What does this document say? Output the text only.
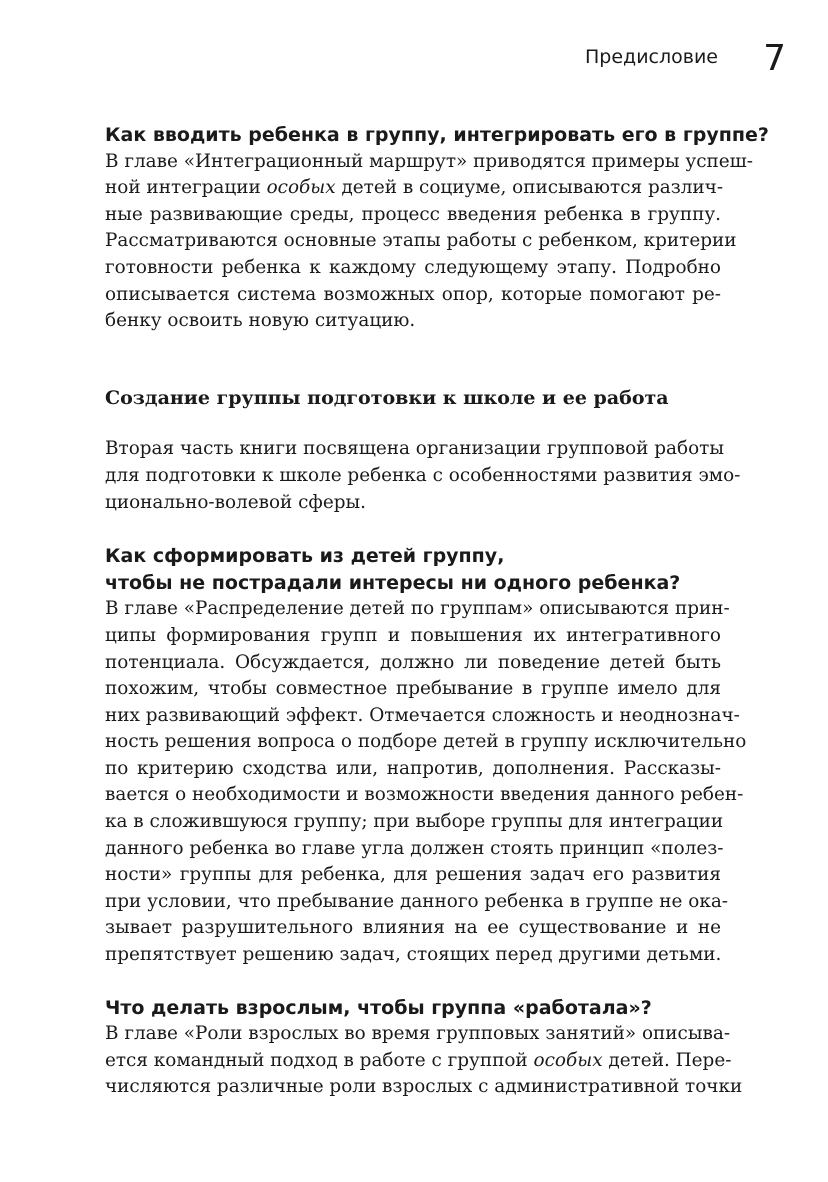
Предисловие 7
Как вводить ребенка в группу, интегрировать его в группе?
В главе «Интеграционный маршрут» приводятся примеры успеш-
ной интеграции особых детей в социуме, описываются различ-
ные развивающие среды, процесс введения ребенка в группу.
Рассматриваются основные этапы работы с ребенком, критерии
готовности ребенка к каждому следующему этапу. Подробно
описывается система возможных опор, которые помогают ре-
бенку освоить новую ситуацию.
Создание группы подготовки к школе и ее работа
Вторая часть книги посвящена организации групповой работы
для подготовки к школе ребенка с особенностями развития эмо-
ционально-волевой сферы.
Как сформировать из детей группу,
чтобы не пострадали интересы ни одного ребенка?
В главе «Распределение детей по группам» описываются прин-
ципы формирования групп и повышения их интегративного
потенциала. Обсуждается, должно ли поведение детей быть
похожим, чтобы совместное пребывание в группе имело для
них развивающий эффект. Отмечается сложность и неоднознач-
ность решения вопроса о подборе детей в группу исключительно
по критерию сходства или, напротив, дополнения. Рассказы-
вается о необходимости и возможности введения данного ребен-
ка в сложившуюся группу; при выборе группы для интеграции
данного ребенка во главе угла должен стоять принцип «полез-
ности» группы для ребенка, для решения задач его развития
при условии, что пребывание данного ребенка в группе не ока-
зывает разрушительного влияния на ее существование и не
препятствует решению задач, стоящих перед другими детьми.
Что делать взрослым, чтобы группа «работала»?
В главе «Роли взрослых во время групповых занятий» описыва-
ется командный подход в работе с группой особых детей. Пере-
числяются различные роли взрослых с административной точки
